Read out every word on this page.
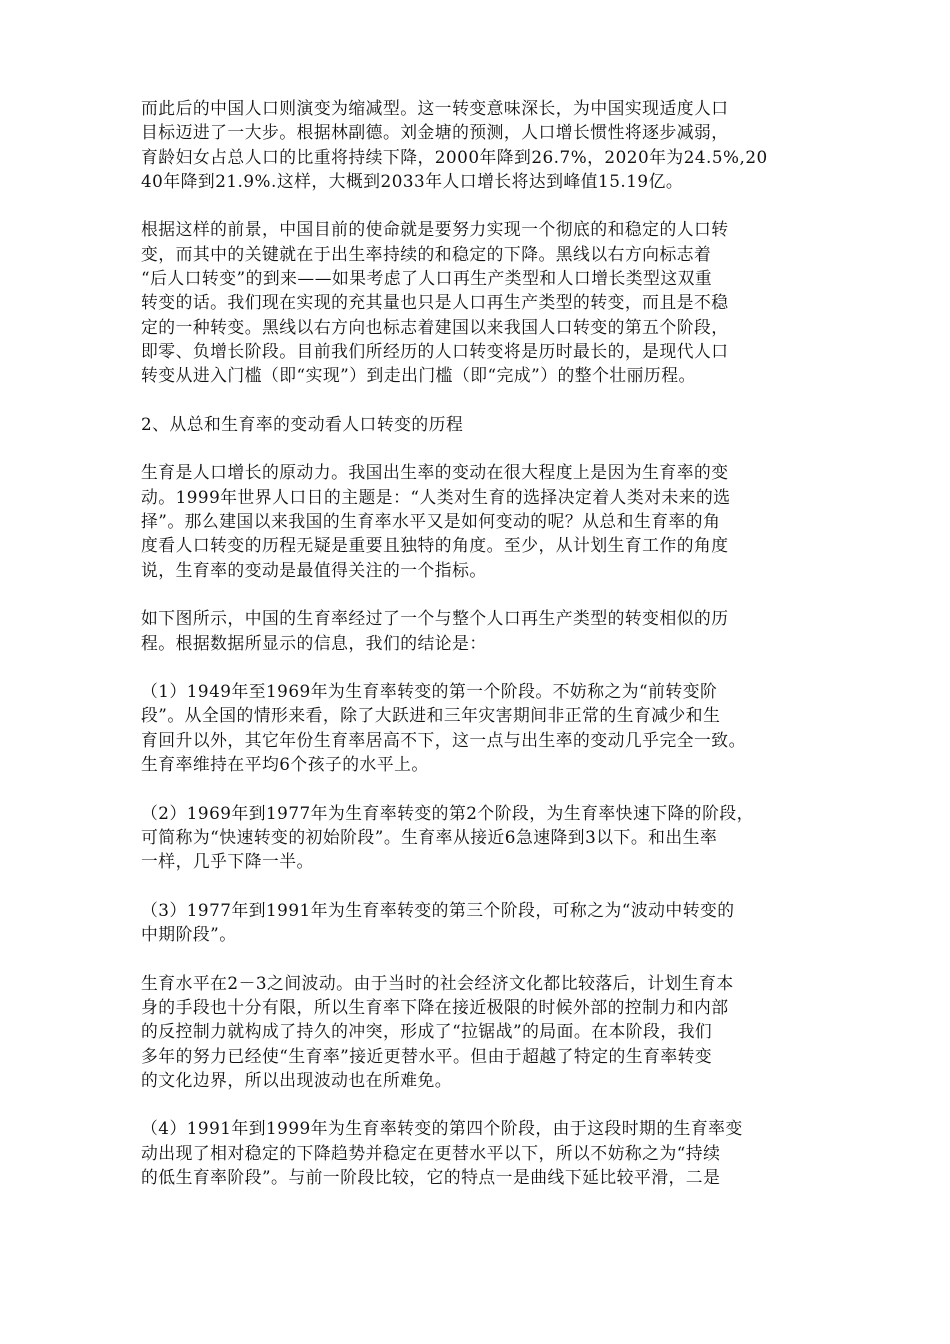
而此后的中国人口则演变为缩减型。这一转变意味深长，为中国实现适度人口
目标迈进了一大步。根据林副德。刘金塘的预测，人口增长惯性将逐步减弱，
育龄妇女占总人口的比重将持续下降，2000年降到26.7%，2020年为24.5%,20
40年降到21.9%.这样，大概到2033年人口增长将达到峰值15.19亿。
根据这样的前景，中国目前的使命就是要努力实现一个彻底的和稳定的人口转
变，而其中的关键就在于出生率持续的和稳定的下降。黑线以右方向标志着
“后人口转变”的到来——如果考虑了人口再生产类型和人口增长类型这双重
转变的话。我们现在实现的充其量也只是人口再生产类型的转变，而且是不稳
定的一种转变。黑线以右方向也标志着建国以来我国人口转变的第五个阶段，
即零、负增长阶段。目前我们所经历的人口转变将是历时最长的，是现代人口
转变从进入门槛（即“实现”）到走出门槛（即“完成”）的整个壮丽历程。
2、从总和生育率的变动看人口转变的历程
生育是人口增长的原动力。我国出生率的变动在很大程度上是因为生育率的变
动。1999年世界人口日的主题是：“人类对生育的选择决定着人类对未来的选
择”。那么建国以来我国的生育率水平又是如何变动的呢？从总和生育率的角
度看人口转变的历程无疑是重要且独特的角度。至少，从计划生育工作的角度
说，生育率的变动是最值得关注的一个指标。
如下图所示，中国的生育率经过了一个与整个人口再生产类型的转变相似的历
程。根据数据所显示的信息，我们的结论是：
（1）1949年至1969年为生育率转变的第一个阶段。不妨称之为“前转变阶
段”。从全国的情形来看，除了大跃进和三年灾害期间非正常的生育减少和生
育回升以外，其它年份生育率居高不下，这一点与出生率的变动几乎完全一致。
生育率维持在平均6个孩子的水平上。
（2）1969年到1977年为生育率转变的第2个阶段，为生育率快速下降的阶段，
可简称为“快速转变的初始阶段”。生育率从接近6急速降到3以下。和出生率
一样，几乎下降一半。
（3）1977年到1991年为生育率转变的第三个阶段，可称之为“波动中转变的
中期阶段”。
生育水平在2－3之间波动。由于当时的社会经济文化都比较落后，计划生育本
身的手段也十分有限，所以生育率下降在接近极限的时候外部的控制力和内部
的反控制力就构成了持久的冲突，形成了“拉锯战”的局面。在本阶段，我们
多年的努力已经使“生育率”接近更替水平。但由于超越了特定的生育率转变
的文化边界，所以出现波动也在所难免。
（4）1991年到1999年为生育率转变的第四个阶段，由于这段时期的生育率变
动出现了相对稳定的下降趋势并稳定在更替水平以下，所以不妨称之为“持续
的低生育率阶段”。与前一阶段比较，它的特点一是曲线下延比较平滑，二是
